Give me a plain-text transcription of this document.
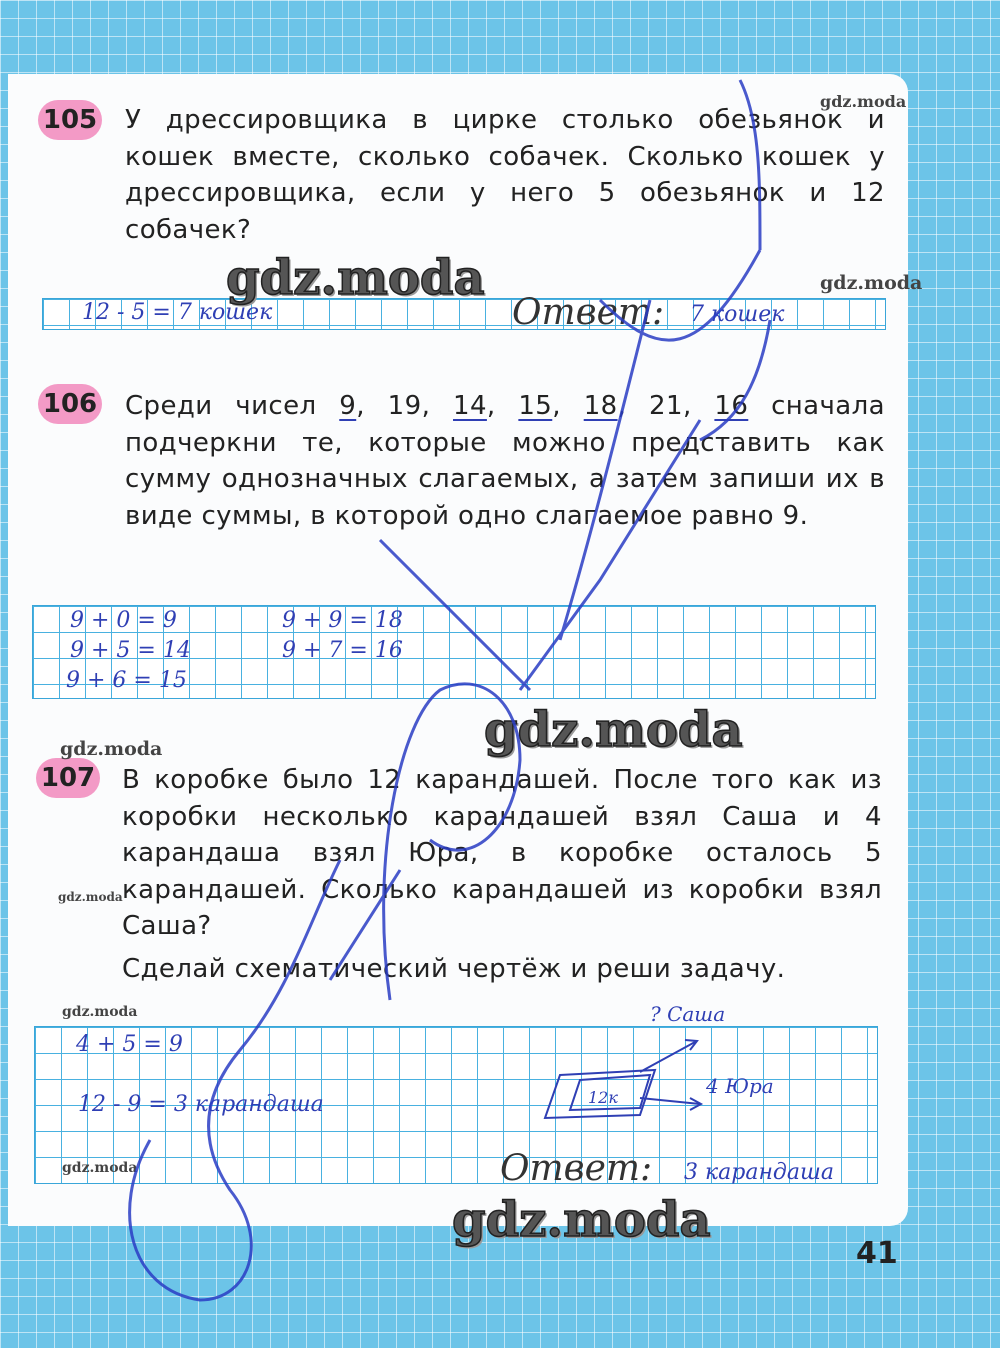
105 У дрессировщика в цирке столько обезьянок и кошек вместе, сколько собачек. Сколько кошек у дрессировщика, если у него 5 обезьянок и 12 собачек?

12 - 5 = 7 кошек	Ответ: 7 кошек
106 Среди чисел 9, 19, 14, 15, 18, 21, 16 сначала подчеркни те, которые можно представить как сумму однозначных слагаемых, а затем запиши их в виде суммы, в которой одно слагаемое равно 9.

9 + 0 = 9
9 + 5 = 14
9 + 6 = 15
9 + 9 = 18
9 + 7 = 16
107 В коробке было 12 карандашей. После того как из коробки несколько карандашей взял Саша и 4 карандаша взял Юра, в коробке осталось 5 карандашей. Сколько карандашей из коробки взял Саша?

Сделай схематический чертёж и реши задачу.

4 + 5 = 9
12 - 9 = 3 карандаша
? Саша
4 Юра
12к
Ответ: 3 карандаша
41
gdz.moda
gdz.moda
gdz.moda
gdz.moda
gdz.moda
gdz.moda
gdz.moda
gdz.moda
gdz.moda
